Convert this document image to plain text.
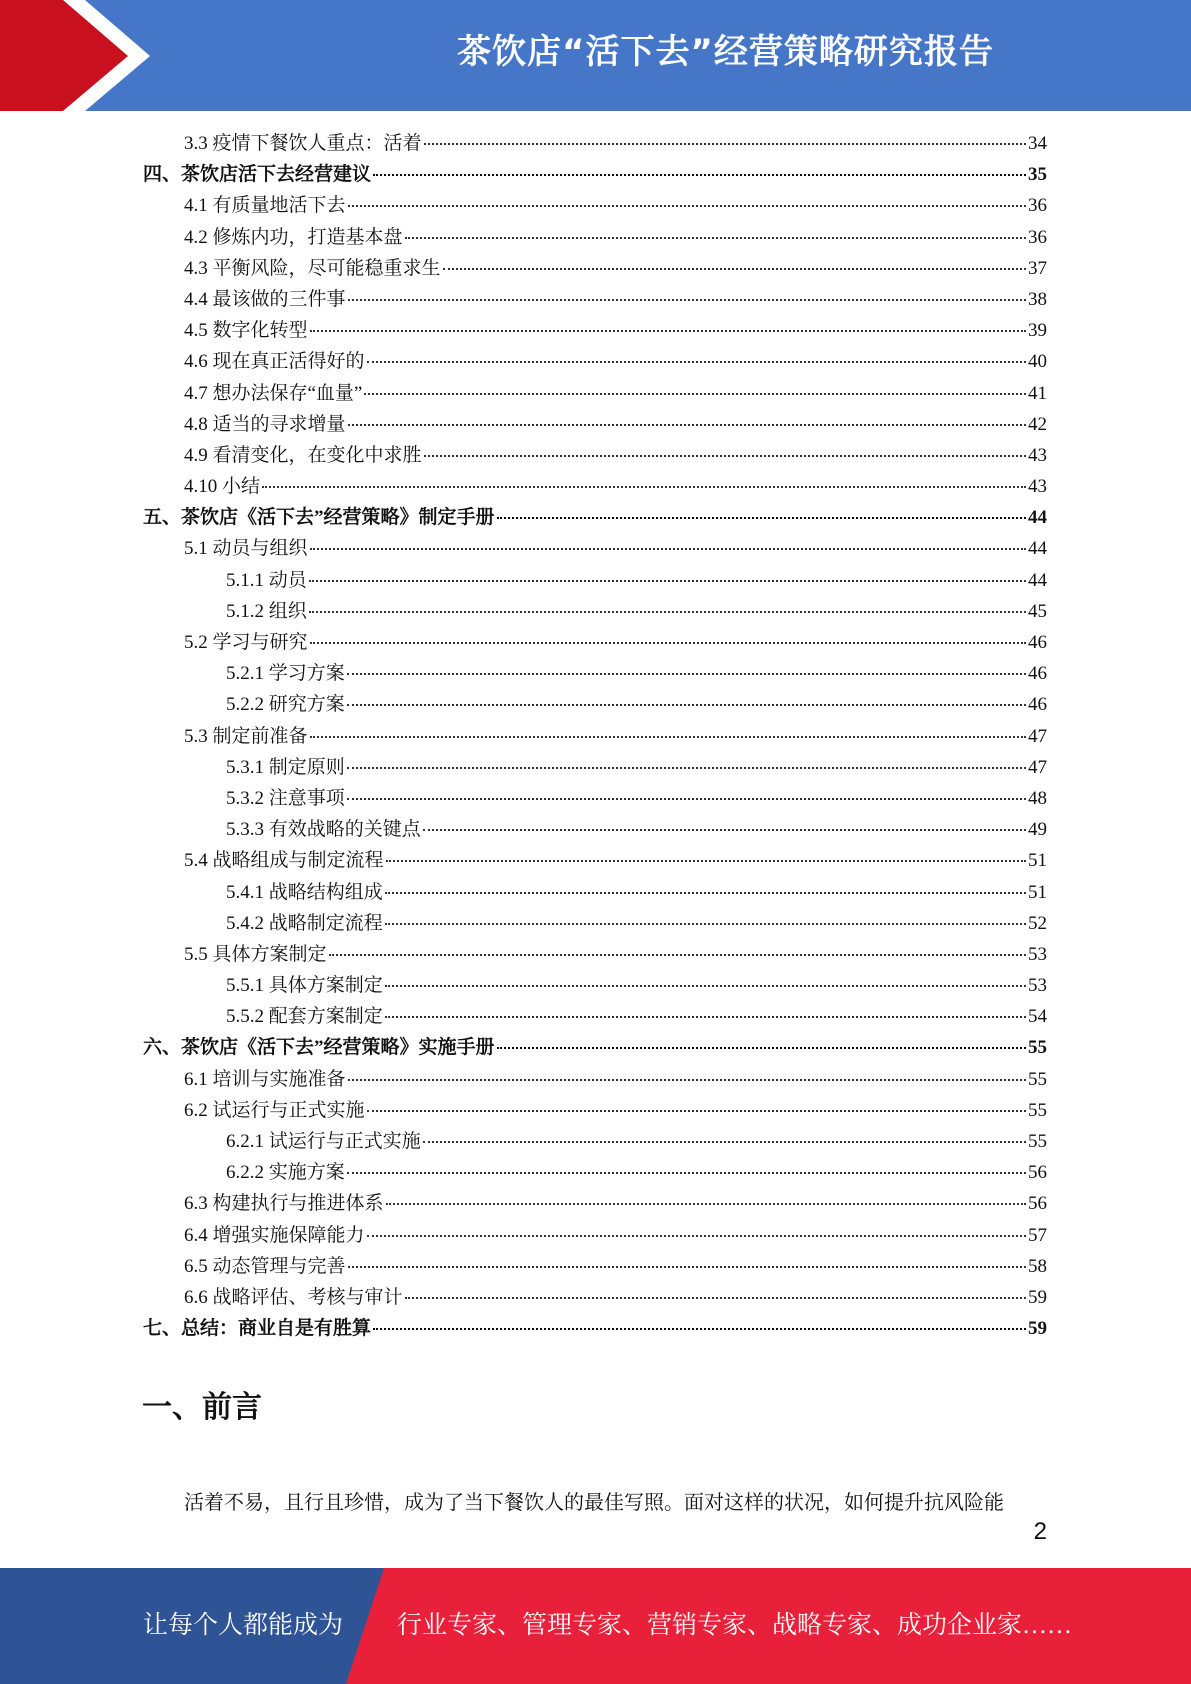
茶饮店“活下去”经营策略研究报告
3.3 疫情下餐饮人重点：活着	34
四、茶饮店活下去经营建议	35
4.1 有质量地活下去	36
4.2 修炼内功，打造基本盘	36
4.3 平衡风险，尽可能稳重求生	37
4.4 最该做的三件事	38
4.5 数字化转型	39
4.6 现在真正活得好的	40
4.7 想办法保存“血量”	41
4.8 适当的寻求增量	42
4.9 看清变化，在变化中求胜	43
4.10 小结	43
五、茶饮店《活下去”经营策略》制定手册	44
5.1 动员与组织	44
5.1.1 动员	44
5.1.2 组织	45
5.2 学习与研究	46
5.2.1 学习方案	46
5.2.2 研究方案	46
5.3 制定前准备	47
5.3.1 制定原则	47
5.3.2 注意事项	48
5.3.3 有效战略的关键点	49
5.4 战略组成与制定流程	51
5.4.1 战略结构组成	51
5.4.2 战略制定流程	52
5.5 具体方案制定	53
5.5.1 具体方案制定	53
5.5.2 配套方案制定	54
六、茶饮店《活下去”经营策略》实施手册	55
6.1 培训与实施准备	55
6.2 试运行与正式实施	55
6.2.1 试运行与正式实施	55
6.2.2 实施方案	56
6.3 构建执行与推进体系	56
6.4 增强实施保障能力	57
6.5 动态管理与完善	58
6.6 战略评估、考核与审计	59
七、总结：商业自是有胜算	59
一、前言
活着不易，且行且珍惜，成为了当下餐饮人的最佳写照。面对这样的状况，如何提升抗风险能
2
让每个人都能成为 行业专家、管理专家、营销专家、战略专家、成功企业家……
